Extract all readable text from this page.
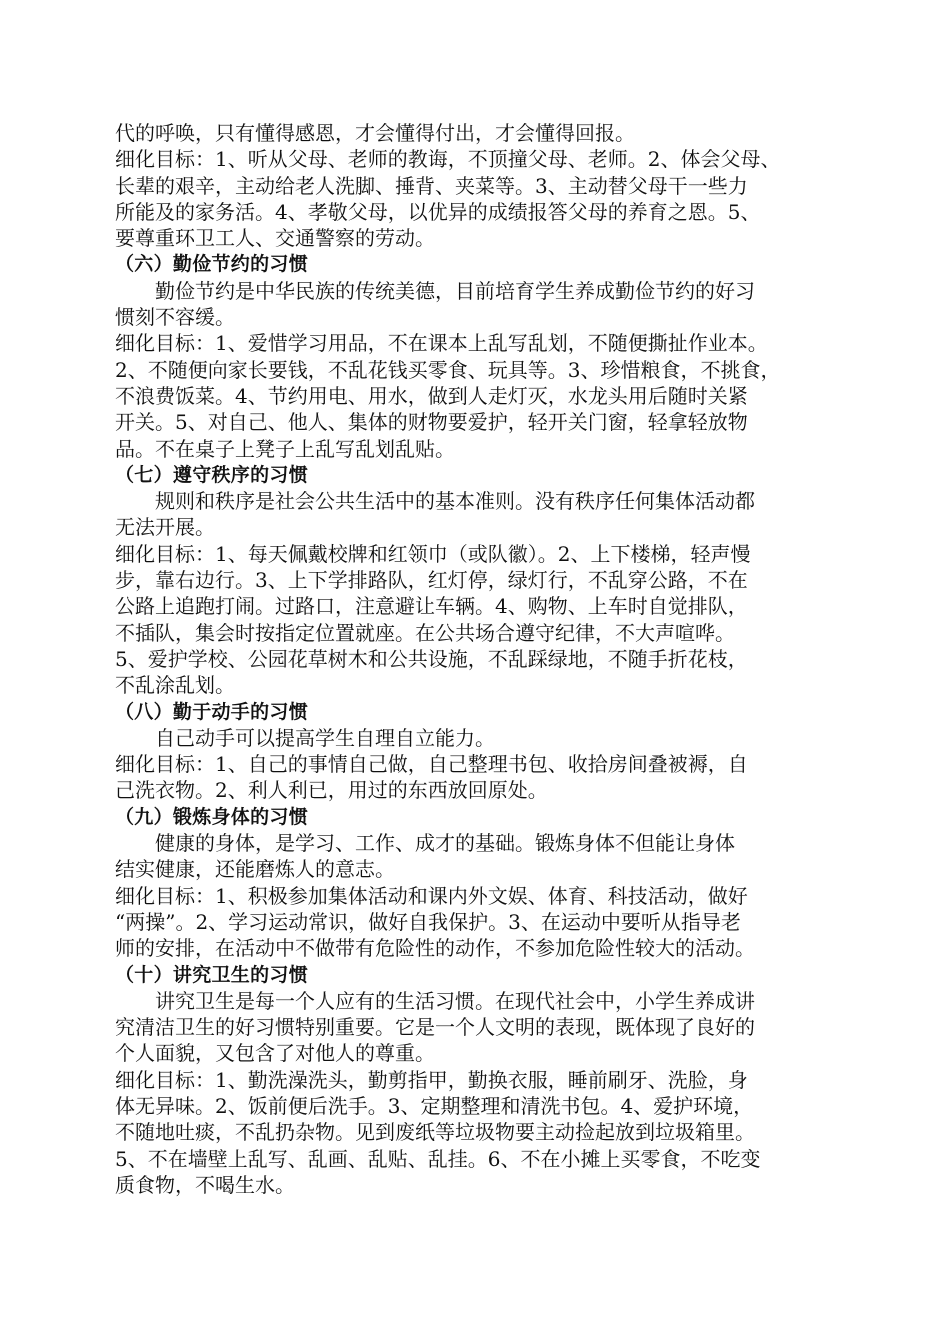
代的呼唤，只有懂得感恩，才会懂得付出，才会懂得回报。
细化目标：1、听从父母、老师的教诲，不顶撞父母、老师。2、体会父母、
长辈的艰辛，主动给老人洗脚、捶背、夹菜等。3、主动替父母干一些力
所能及的家务活。4、孝敬父母，以优异的成绩报答父母的养育之恩。5、
要尊重环卫工人、交通警察的劳动。
（六）勤俭节约的习惯
勤俭节约是中华民族的传统美德，目前培育学生养成勤俭节约的好习
惯刻不容缓。
细化目标：1、爱惜学习用品，不在课本上乱写乱划，不随便撕扯作业本。
2、不随便向家长要钱，不乱花钱买零食、玩具等。3、珍惜粮食，不挑食，
不浪费饭菜。4、节约用电、用水，做到人走灯灭，水龙头用后随时关紧
开关。5、对自己、他人、集体的财物要爱护，轻开关门窗，轻拿轻放物
品。不在桌子上凳子上乱写乱划乱贴。
（七）遵守秩序的习惯
规则和秩序是社会公共生活中的基本准则。没有秩序任何集体活动都
无法开展。
细化目标：1、每天佩戴校牌和红领巾（或队徽）。2、上下楼梯，轻声慢
步，靠右边行。3、上下学排路队，红灯停，绿灯行，不乱穿公路，不在
公路上追跑打闹。过路口，注意避让车辆。4、购物、上车时自觉排队，
不插队，集会时按指定位置就座。在公共场合遵守纪律，不大声喧哗。
5、爱护学校、公园花草树木和公共设施，不乱踩绿地，不随手折花枝，
不乱涂乱划。
（八）勤于动手的习惯
自己动手可以提高学生自理自立能力。
细化目标：1、自己的事情自己做，自己整理书包、收拾房间叠被褥，自
己洗衣物。2、利人利已，用过的东西放回原处。
（九）锻炼身体的习惯
健康的身体，是学习、工作、成才的基础。锻炼身体不但能让身体
结实健康，还能磨炼人的意志。
细化目标：1、积极参加集体活动和课内外文娱、体育、科技活动，做好
“两操”。2、学习运动常识，做好自我保护。3、在运动中要听从指导老
师的安排，在活动中不做带有危险性的动作，不参加危险性较大的活动。
（十）讲究卫生的习惯
讲究卫生是每一个人应有的生活习惯。在现代社会中，小学生养成讲
究清洁卫生的好习惯特别重要。它是一个人文明的表现，既体现了良好的
个人面貌，又包含了对他人的尊重。
细化目标：1、勤洗澡洗头，勤剪指甲，勤换衣服，睡前刷牙、洗脸，身
体无异味。2、饭前便后洗手。3、定期整理和清洗书包。4、爱护环境，
不随地吐痰，不乱扔杂物。见到废纸等垃圾物要主动捡起放到垃圾箱里。
5、不在墙壁上乱写、乱画、乱贴、乱挂。6、不在小摊上买零食，不吃变
质食物，不喝生水。
